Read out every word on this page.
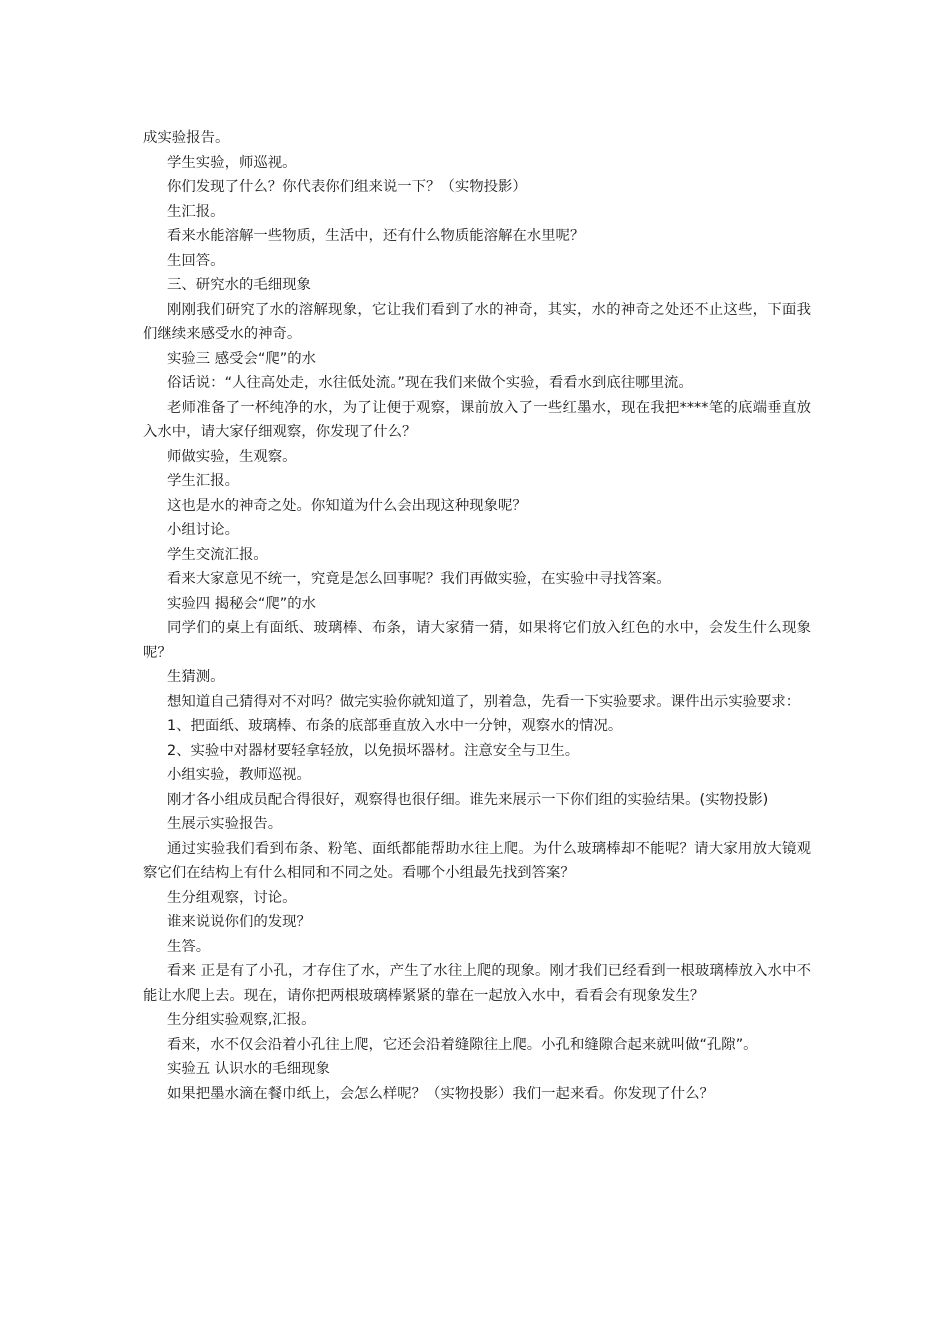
成实验报告。

学生实验，师巡视。

你们发现了什么？你代表你们组来说一下？（实物投影）

生汇报。

看来水能溶解一些物质，生活中，还有什么物质能溶解在水里呢？

生回答。

三、研究水的毛细现象

刚刚我们研究了水的溶解现象，它让我们看到了水的神奇，其实，水的神奇之处还不止这些，下面我们继续来感受水的神奇。

实验三 感受会“爬”的水

俗话说：“人往高处走，水往低处流。”现在我们来做个实验，看看水到底往哪里流。

老师准备了一杯纯净的水，为了让便于观察，课前放入了一些红墨水，现在我把****笔的底端垂直放入水中，请大家仔细观察，你发现了什么？

师做实验，生观察。

学生汇报。

这也是水的神奇之处。你知道为什么会出现这种现象呢？

小组讨论。

学生交流汇报。

看来大家意见不统一，究竟是怎么回事呢？我们再做实验，在实验中寻找答案。

实验四 揭秘会“爬”的水

同学们的桌上有面纸、玻璃棒、布条，请大家猜一猜，如果将它们放入红色的水中，会发生什么现象呢？

生猜测。

想知道自己猜得对不对吗？做完实验你就知道了，别着急，先看一下实验要求。课件出示实验要求：

1、把面纸、玻璃棒、布条的底部垂直放入水中一分钟，观察水的情况。

2、实验中对器材要轻拿轻放，以免损坏器材。注意安全与卫生。

小组实验，教师巡视。

刚才各小组成员配合得很好，观察得也很仔细。谁先来展示一下你们组的实验结果。(实物投影)

生展示实验报告。

通过实验我们看到布条、粉笔、面纸都能帮助水往上爬。为什么玻璃棒却不能呢？请大家用放大镜观察它们在结构上有什么相同和不同之处。看哪个小组最先找到答案？

生分组观察，讨论。

谁来说说你们的发现？

生答。

看来 正是有了小孔，才存住了水，产生了水往上爬的现象。刚才我们已经看到一根玻璃棒放入水中不能让水爬上去。现在，请你把两根玻璃棒紧紧的靠在一起放入水中，看看会有现象发生？

生分组实验观察,汇报。

看来，水不仅会沿着小孔往上爬，它还会沿着缝隙往上爬。小孔和缝隙合起来就叫做“孔隙”。

实验五 认识水的毛细现象

如果把墨水滴在餐巾纸上，会怎么样呢？（实物投影）我们一起来看。你发现了什么？
